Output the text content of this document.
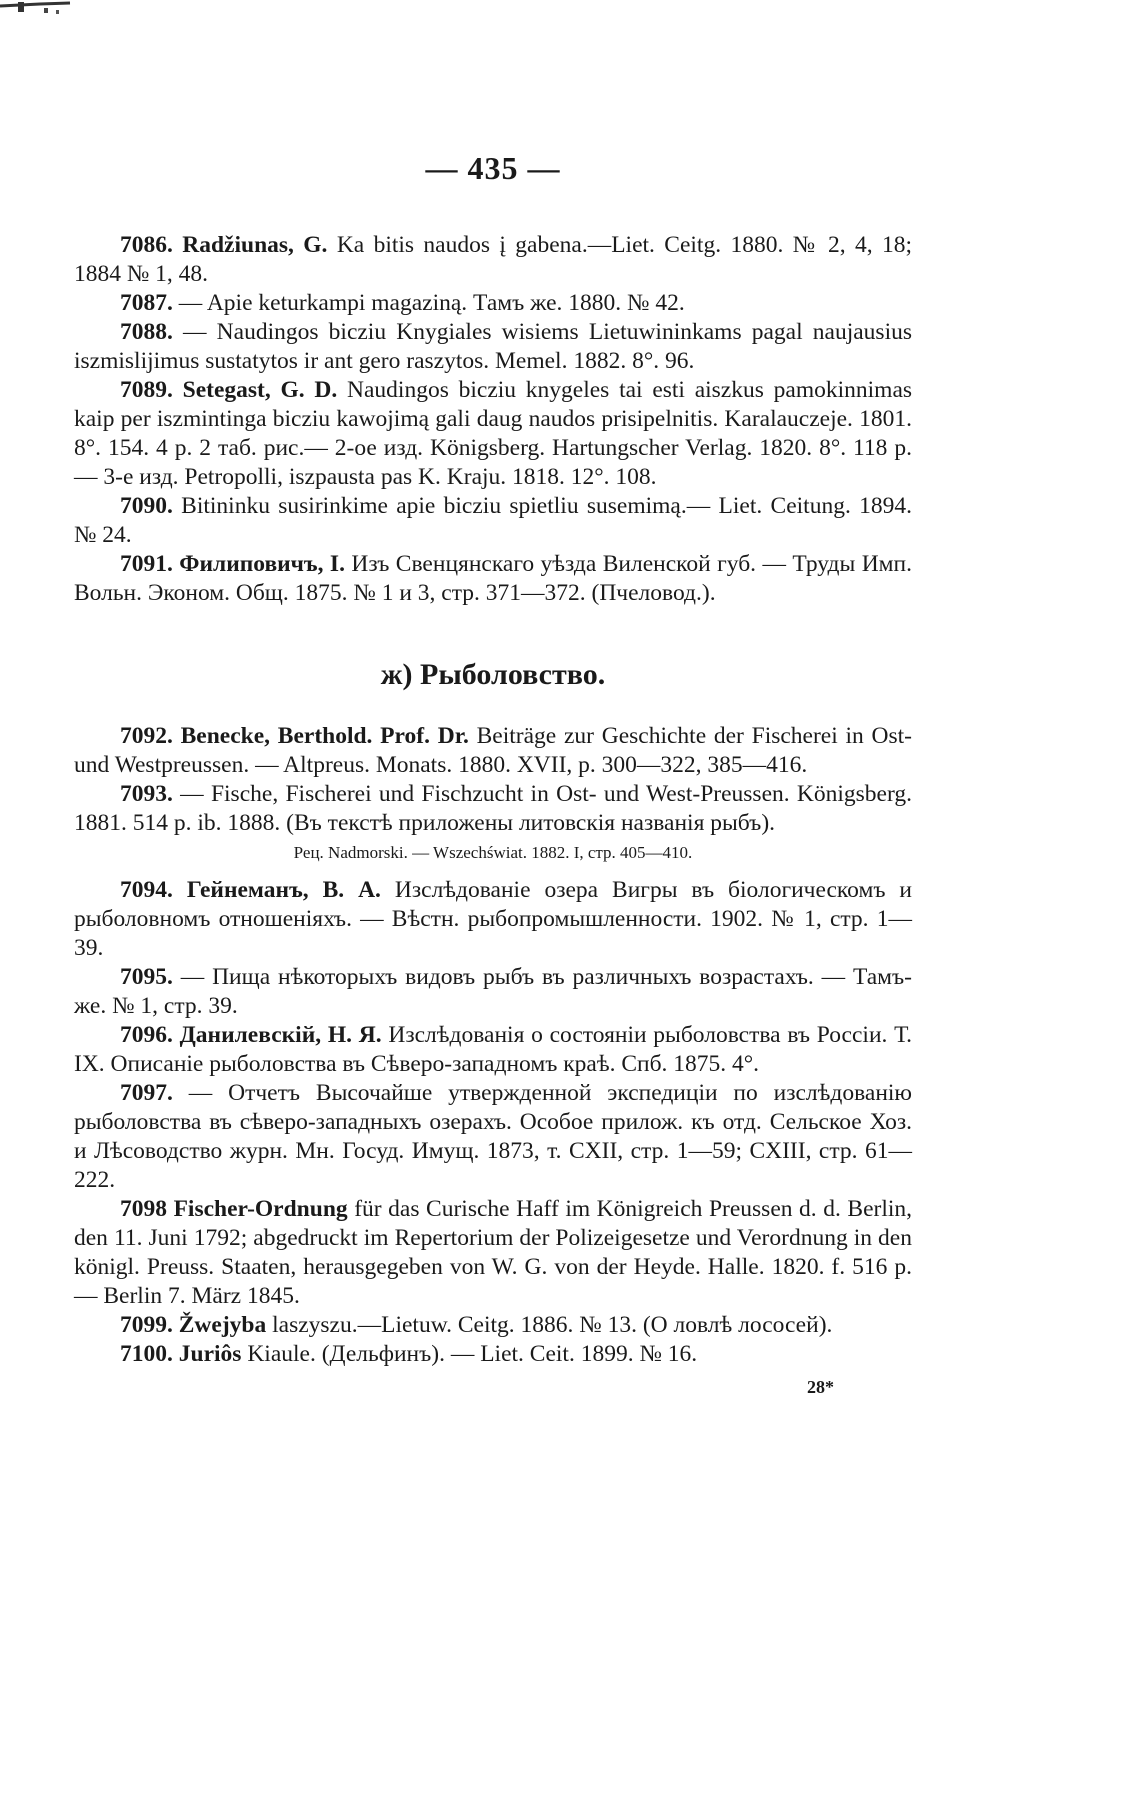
— 435 —

7086. Radžiunas, G. Ka bitis naudos į gabena.—Liet. Ceitg. 1880. № 2, 4, 18; 1884 № 1, 48.

7087. — Apie keturkampi magaziną. Тамъ же. 1880. № 42.

7088. — Naudingos bicziu Knygiales wisiems Lietuwininkams pagal naujausius iszmislijimus sustatytos ir ant gero raszytos. Memel. 1882. 8°. 96.

7089. Setegast, G. D. Naudingos bicziu knygeles tai esti aiszkus pamokinnimas kaip per iszmintinga bicziu kawojimą gali daug naudos prisipelnitis. Karalauczeje. 1801. 8°. 154. 4 р. 2 таб. рис.— 2-ое изд. Königsberg. Hartungscher Verlag. 1820. 8°. 118 р. — 3-е изд. Petropolli, iszpausta pas K. Kraju. 1818. 12°. 108.

7090. Bitininku susirinkime apie bicziu spietliu susemimą.— Liet. Ceitung. 1894. № 24.

7091. Филиповичъ, I. Изъ Свенцянскаго уѣзда Виленской губ. — Труды Имп. Вольн. Эконом. Общ. 1875. № 1 и 3, стр. 371—372. (Пчеловод.).

ж) Рыболовство.

7092. Benecke, Berthold. Prof. Dr. Beiträge zur Geschichte der Fischerei in Ost- und Westpreussen. — Altpreus. Monats. 1880. XVII, p. 300—322, 385—416.

7093. — Fische, Fischerei und Fischzucht in Ost- und West-Preussen. Königsberg. 1881. 514 p. ib. 1888. (Въ текстѣ приложены литовскія названія рыбъ).

Рец. Nadmorski. — Wszechświat. 1882. I, стр. 405—410.

7094. Гейнеманъ, В. А. Изслѣдованіе озера Вигры въ біологическомъ и рыболовномъ отношеніяхъ. — Вѣстн. рыбопромышленности. 1902. № 1, стр. 1—39.

7095. — Пища нѣкоторыхъ видовъ рыбъ въ различныхъ возрастахъ. — Тамъ-же. № 1, стр. 39.

7096. Данилевскій, Н. Я. Изслѣдованія о состояніи рыболовства въ Россіи. Т. IX. Описаніе рыболовства въ Сѣверо-западномъ краѣ. Спб. 1875. 4°.

7097. — Отчетъ Высочайше утвержденной экспедиціи по изслѣдованію рыболовства въ сѣверо-западныхъ озерахъ. Особое прилож. къ отд. Сельское Хоз. и Лѣсоводство журн. Мн. Госуд. Имущ. 1873, т. CXII, стр. 1—59; CXIII, стр. 61—222.

7098 Fischer-Ordnung für das Curische Haff im Königreich Preussen d. d. Berlin, den 11. Juni 1792; abgedruckt im Repertorium der Polizeigesetze und Verordnung in den königl. Preuss. Staaten, herausgegeben von W. G. von der Heyde. Halle. 1820. f. 516 p.— Berlin 7. März 1845.

7099. Žwejyba laszyszu.—Lietuw. Ceitg. 1886. № 13. (О ловлѣ лососей).

7100. Juriôs Kiaule. (Дельфинъ). — Liet. Ceit. 1899. № 16.

28*
